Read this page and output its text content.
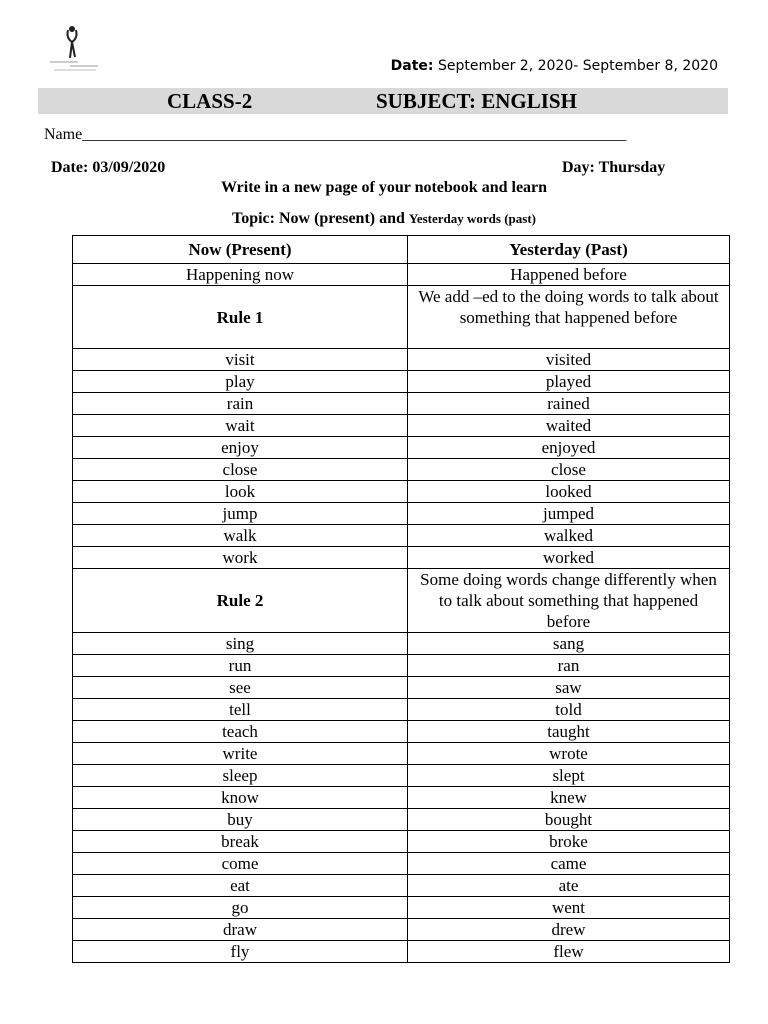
Date: September 2, 2020- September 8, 2020
CLASS-2	SUBJECT: ENGLISH
Name____________________________________________________________________
Date: 03/09/2020	Day: Thursday
Write in a new page of your notebook and learn
Topic: Now (present) and Yesterday words (past)
Now (Present)	Yesterday (Past)
Happening now	Happened before
Rule 1	We add –ed to the doing words to talk about something that happened before
visit	visited
play	played
rain	rained
wait	waited
enjoy	enjoyed
close	close
look	looked
jump	jumped
walk	walked
work	worked
Rule 2	Some doing words change differently when to talk about something that happened before
sing	sang
run	ran
see	saw
tell	told
teach	taught
write	wrote
sleep	slept
know	knew
buy	bought
break	broke
come	came
eat	ate
go	went
draw	drew
fly	flew
